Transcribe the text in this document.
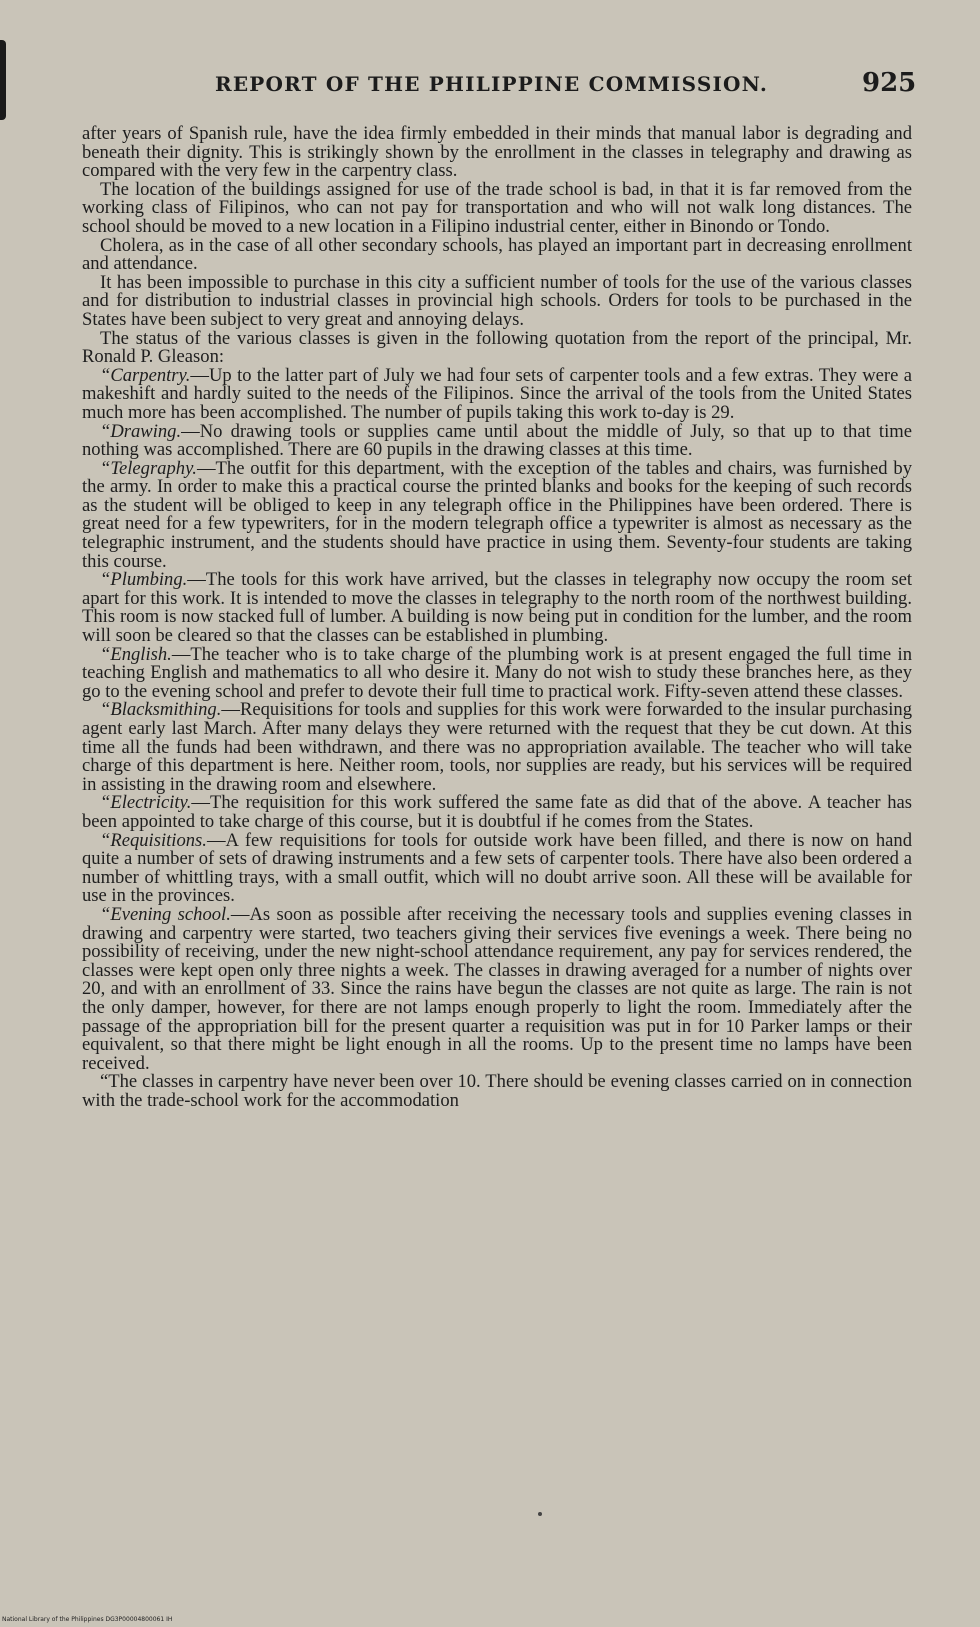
REPORT OF THE PHILIPPINE COMMISSION.	925

after years of Spanish rule, have the idea firmly embedded in their minds that manual labor is degrading and beneath their dignity. This is strikingly shown by the enrollment in the classes in telegraphy and drawing as compared with the very few in the carpentry class.

The location of the buildings assigned for use of the trade school is bad, in that it is far removed from the working class of Filipinos, who can not pay for transportation and who will not walk long distances. The school should be moved to a new location in a Filipino industrial center, either in Binondo or Tondo.

Cholera, as in the case of all other secondary schools, has played an important part in decreasing enrollment and attendance.

It has been impossible to purchase in this city a sufficient number of tools for the use of the various classes and for distribution to industrial classes in provincial high schools. Orders for tools to be purchased in the States have been subject to very great and annoying delays.

The status of the various classes is given in the following quotation from the report of the principal, Mr. Ronald P. Gleason:

“Carpentry.—Up to the latter part of July we had four sets of carpenter tools and a few extras. They were a makeshift and hardly suited to the needs of the Filipinos. Since the arrival of the tools from the United States much more has been accomplished. The number of pupils taking this work to-day is 29.

“Drawing.—No drawing tools or supplies came until about the middle of July, so that up to that time nothing was accomplished. There are 60 pupils in the drawing classes at this time.

“Telegraphy.—The outfit for this department, with the exception of the tables and chairs, was furnished by the army. In order to make this a practical course the printed blanks and books for the keeping of such records as the student will be obliged to keep in any telegraph office in the Philippines have been ordered. There is great need for a few typewriters, for in the modern telegraph office a typewriter is almost as necessary as the telegraphic instrument, and the students should have practice in using them. Seventy-four students are taking this course.

“Plumbing.—The tools for this work have arrived, but the classes in telegraphy now occupy the room set apart for this work. It is intended to move the classes in telegraphy to the north room of the northwest building. This room is now stacked full of lumber. A building is now being put in condition for the lumber, and the room will soon be cleared so that the classes can be established in plumbing.

“English.—The teacher who is to take charge of the plumbing work is at present engaged the full time in teaching English and mathematics to all who desire it. Many do not wish to study these branches here, as they go to the evening school and prefer to devote their full time to practical work. Fifty-seven attend these classes.

“Blacksmithing.—Requisitions for tools and supplies for this work were forwarded to the insular purchasing agent early last March. After many delays they were returned with the request that they be cut down. At this time all the funds had been withdrawn, and there was no appropriation available. The teacher who will take charge of this department is here. Neither room, tools, nor supplies are ready, but his services will be required in assisting in the drawing room and elsewhere.

“Electricity.—The requisition for this work suffered the same fate as did that of the above. A teacher has been appointed to take charge of this course, but it is doubtful if he comes from the States.

“Requisitions.—A few requisitions for tools for outside work have been filled, and there is now on hand quite a number of sets of drawing instruments and a few sets of carpenter tools. There have also been ordered a number of whittling trays, with a small outfit, which will no doubt arrive soon. All these will be available for use in the provinces.

“Evening school.—As soon as possible after receiving the necessary tools and supplies evening classes in drawing and carpentry were started, two teachers giving their services five evenings a week. There being no possibility of receiving, under the new night-school attendance requirement, any pay for services rendered, the classes were kept open only three nights a week. The classes in drawing averaged for a number of nights over 20, and with an enrollment of 33. Since the rains have begun the classes are not quite as large. The rain is not the only damper, however, for there are not lamps enough properly to light the room. Immediately after the passage of the appropriation bill for the present quarter a requisition was put in for 10 Parker lamps or their equivalent, so that there might be light enough in all the rooms. Up to the present time no lamps have been received.

“The classes in carpentry have never been over 10. There should be evening classes carried on in connection with the trade-school work for the accommodation

National Library of the Philippines DG3P00004800061 IH
